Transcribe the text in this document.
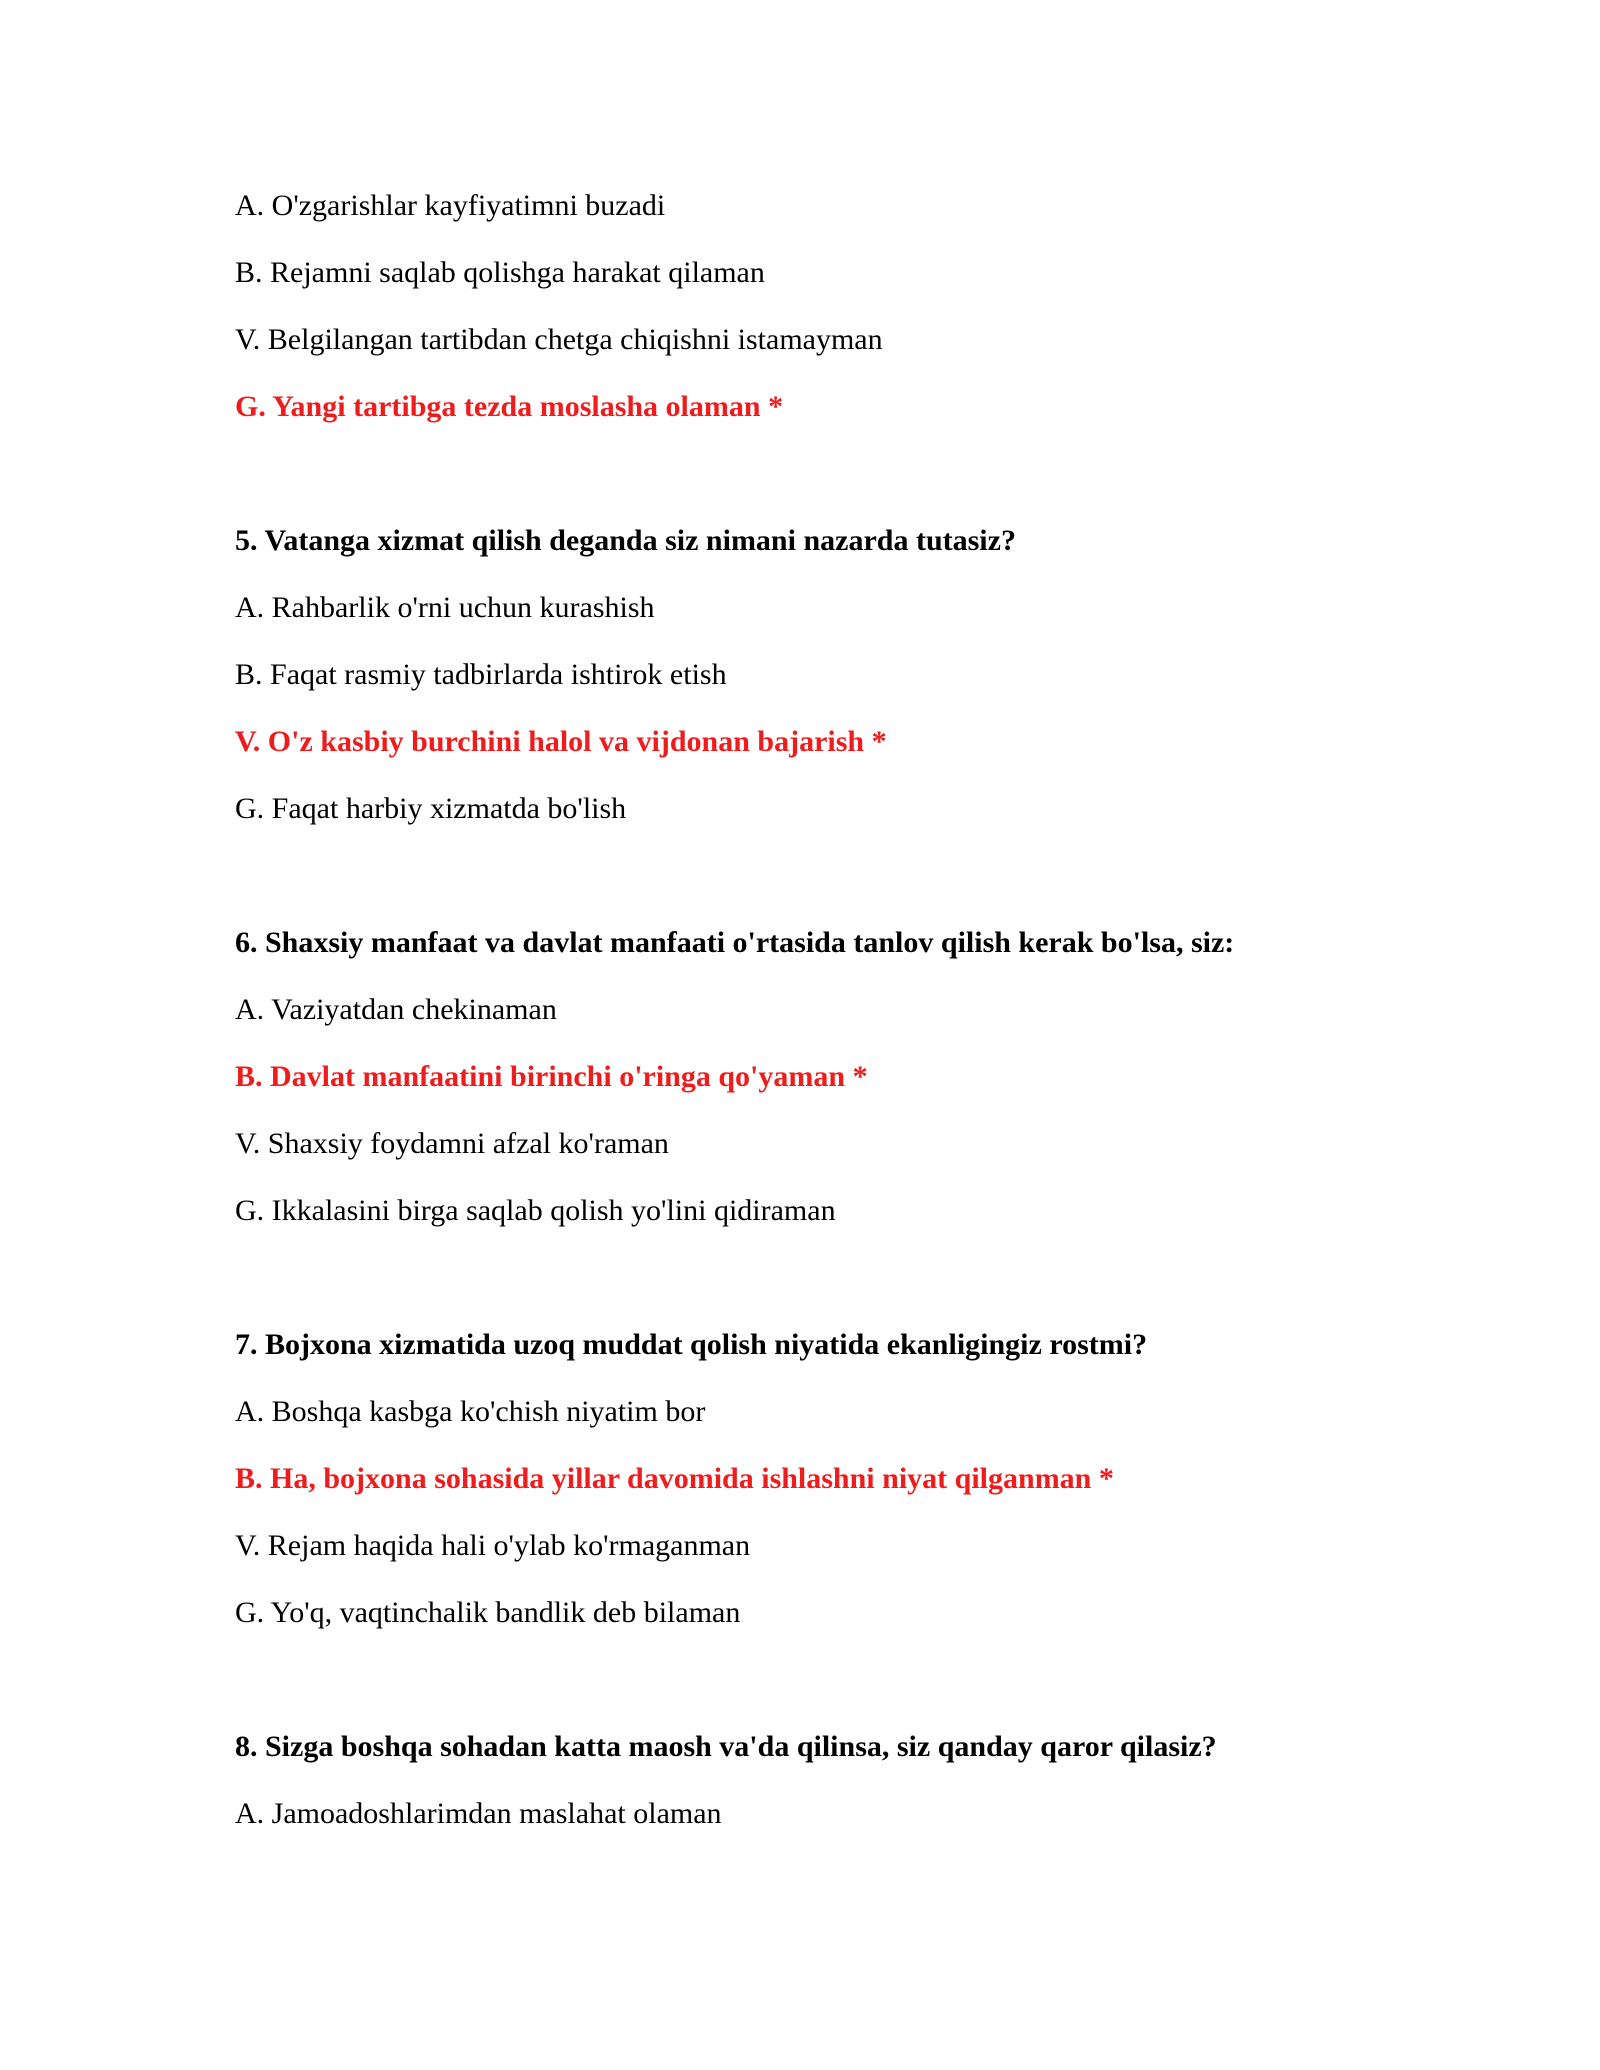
A. O'zgarishlar kayfiyatimni buzadi
B. Rejamni saqlab qolishga harakat qilaman
V. Belgilangan tartibdan chetga chiqishni istamayman
G. Yangi tartibga tezda moslasha olaman *
5. Vatanga xizmat qilish deganda siz nimani nazarda tutasiz?
A. Rahbarlik o'rni uchun kurashish
B. Faqat rasmiy tadbirlarda ishtirok etish
V. O'z kasbiy burchini halol va vijdonan bajarish *
G. Faqat harbiy xizmatda bo'lish
6. Shaxsiy manfaat va davlat manfaati o'rtasida tanlov qilish kerak bo'lsa, siz:
A. Vaziyatdan chekinaman
B. Davlat manfaatini birinchi o'ringa qo'yaman *
V. Shaxsiy foydamni afzal ko'raman
G. Ikkalasini birga saqlab qolish yo'lini qidiraman
7. Bojxona xizmatida uzoq muddat qolish niyatida ekanligingiz rostmi?
A. Boshqa kasbga ko'chish niyatim bor
B. Ha, bojxona sohasida yillar davomida ishlashni niyat qilganman *
V. Rejam haqida hali o'ylab ko'rmaganman
G. Yo'q, vaqtinchalik bandlik deb bilaman
8. Sizga boshqa sohadan katta maosh va'da qilinsa, siz qanday qaror qilasiz?
A. Jamoadoshlarimdan maslahat olaman
